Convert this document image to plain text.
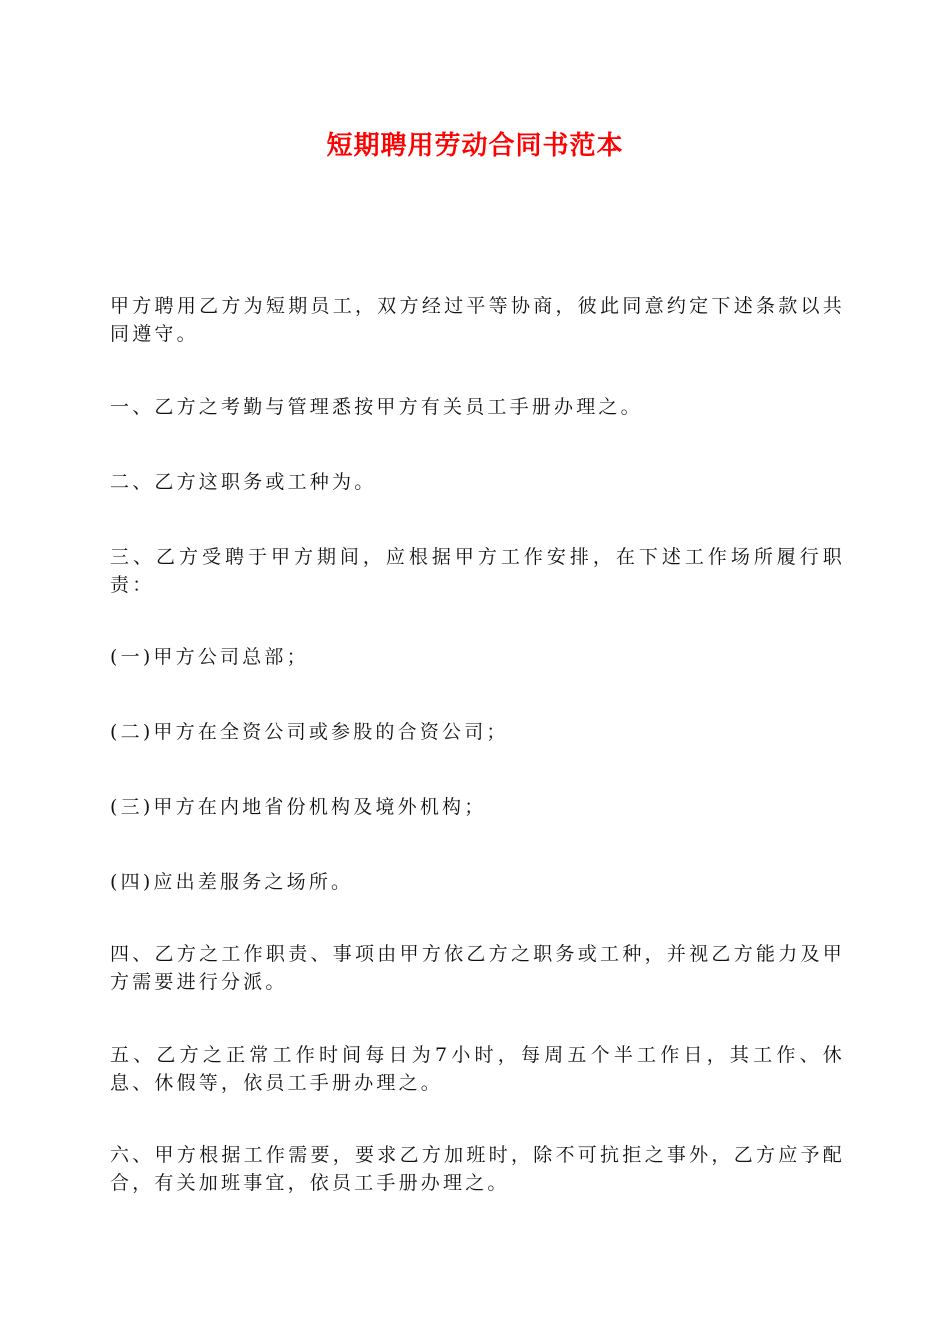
短期聘用劳动合同书范本

甲方聘用乙方为短期员工，双方经过平等协商，彼此同意约定下述条款以共同遵守。

一、乙方之考勤与管理悉按甲方有关员工手册办理之。

二、乙方这职务或工种为。

三、乙方受聘于甲方期间，应根据甲方工作安排，在下述工作场所履行职责：

(一)甲方公司总部；

(二)甲方在全资公司或参股的合资公司；

(三)甲方在内地省份机构及境外机构；

(四)应出差服务之场所。

四、乙方之工作职责、事项由甲方依乙方之职务或工种，并视乙方能力及甲方需要进行分派。

五、乙方之正常工作时间每日为7小时，每周五个半工作日，其工作、休息、休假等，依员工手册办理之。

六、甲方根据工作需要，要求乙方加班时，除不可抗拒之事外，乙方应予配合，有关加班事宜，依员工手册办理之。
